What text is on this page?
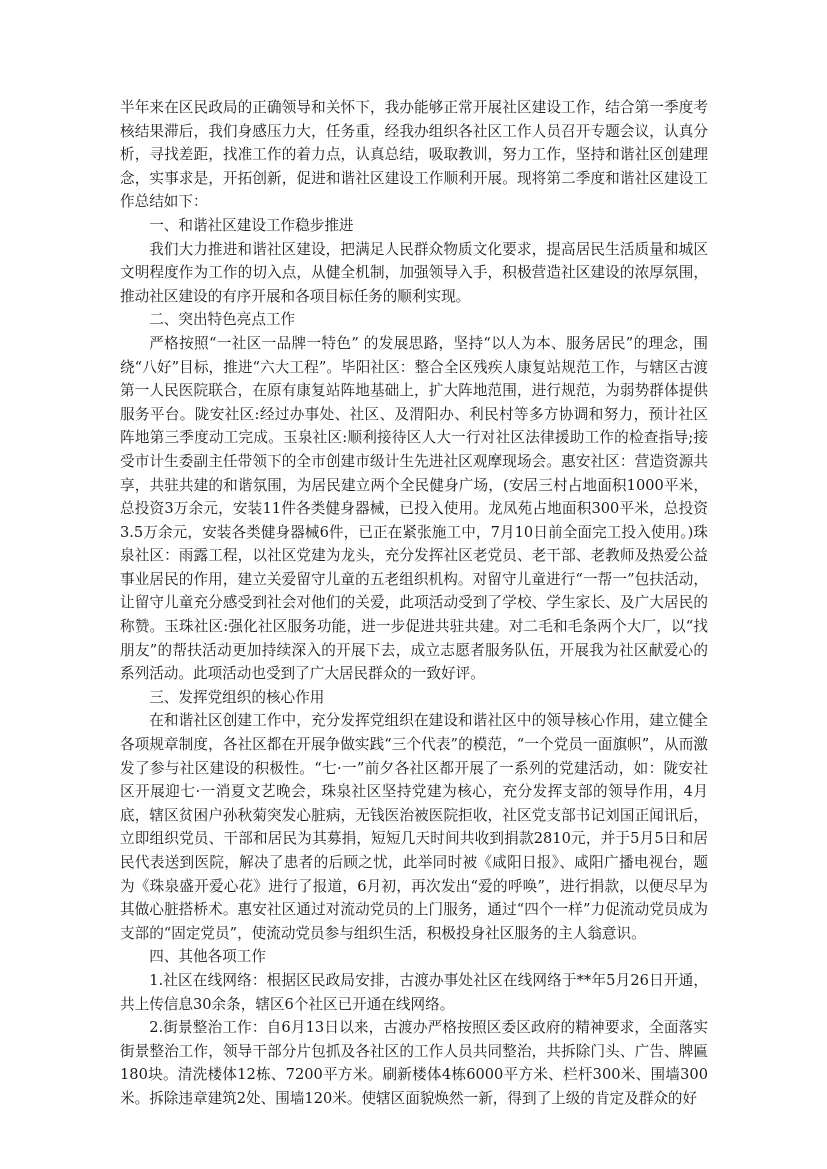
半年来在区民政局的正确领导和关怀下，我办能够正常开展社区建设工作，结合第一季度考核结果滞后，我们身感压力大，任务重，经我办组织各社区工作人员召开专题会议，认真分析，寻找差距，找准工作的着力点，认真总结，吸取教训，努力工作，坚持和谐社区创建理念，实事求是，开拓创新，促进和谐社区建设工作顺利开展。现将第二季度和谐社区建设工作总结如下：

一、和谐社区建设工作稳步推进

我们大力推进和谐社区建设，把满足人民群众物质文化要求，提高居民生活质量和城区文明程度作为工作的切入点，从健全机制，加强领导入手，积极营造社区建设的浓厚氛围，推动社区建设的有序开展和各项目标任务的顺利实现。

二、突出特色亮点工作

严格按照“一社区一品牌一特色” 的发展思路，坚持“以人为本、服务居民”的理念，围绕“八好”目标，推进“六大工程”。毕阳社区：整合全区残疾人康复站规范工作，与辖区古渡第一人民医院联合，在原有康复站阵地基础上，扩大阵地范围，进行规范，为弱势群体提供服务平台。陇安社区:经过办事处、社区、及渭阳办、利民村等多方协调和努力，预计社区阵地第三季度动工完成。玉泉社区:顺利接待区人大一行对社区法律援助工作的检查指导;接受市计生委副主任带领下的全市创建市级计生先进社区观摩现场会。惠安社区：营造资源共享，共驻共建的和谐氛围，为居民建立两个全民健身广场，(安居三村占地面积1000平米，总投资3万余元，安装11件各类健身器械，已投入使用。龙凤苑占地面积300平米，总投资3.5万余元，安装各类健身器械6件，已正在紧张施工中，7月10日前全面完工投入使用。)珠泉社区：雨露工程，以社区党建为龙头，充分发挥社区老党员、老干部、老教师及热爱公益事业居民的作用，建立关爱留守儿童的五老组织机构。对留守儿童进行“一帮一”包扶活动，让留守儿童充分感受到社会对他们的关爱，此项活动受到了学校、学生家长、及广大居民的称赞。玉珠社区:强化社区服务功能，进一步促进共驻共建。对二毛和毛条两个大厂，以“找朋友”的帮扶活动更加持续深入的开展下去，成立志愿者服务队伍，开展我为社区献爱心的系列活动。此项活动也受到了广大居民群众的一致好评。

三、发挥党组织的核心作用

在和谐社区创建工作中，充分发挥党组织在建设和谐社区中的领导核心作用，建立健全各项规章制度，各社区都在开展争做实践“三个代表”的模范，“一个党员一面旗帜”，从而激发了参与社区建设的积极性。“七·一”前夕各社区都开展了一系列的党建活动，如：陇安社区开展迎七·一消夏文艺晚会，珠泉社区坚持党建为核心，充分发挥支部的领导作用，4月底，辖区贫困户孙秋菊突发心脏病，无钱医治被医院拒收，社区党支部书记刘国正闻讯后，立即组织党员、干部和居民为其募捐，短短几天时间共收到捐款2810元，并于5月5日和居民代表送到医院，解决了患者的后顾之忧，此举同时被《咸阳日报》、咸阳广播电视台，题为《珠泉盛开爱心花》进行了报道，6月初，再次发出“爱的呼唤”，进行捐款，以便尽早为其做心脏搭桥术。惠安社区通过对流动党员的上门服务，通过“四个一样”力促流动党员成为支部的“固定党员”，使流动党员参与组织生活，积极投身社区服务的主人翁意识。

四、其他各项工作

1.社区在线网络：根据区民政局安排，古渡办事处社区在线网络于**年5月26日开通，共上传信息30余条，辖区6个社区已开通在线网络。

2.街景整治工作：自6月13日以来，古渡办严格按照区委区政府的精神要求，全面落实街景整治工作，领导干部分片包抓及各社区的工作人员共同整治，共拆除门头、广告、牌匾180块。清洗楼体12栋、7200平方米。刷新楼体4栋6000平方米、栏杆300米、围墙300米。拆除违章建筑2处、围墙120米。使辖区面貌焕然一新，得到了上级的肯定及群众的好
